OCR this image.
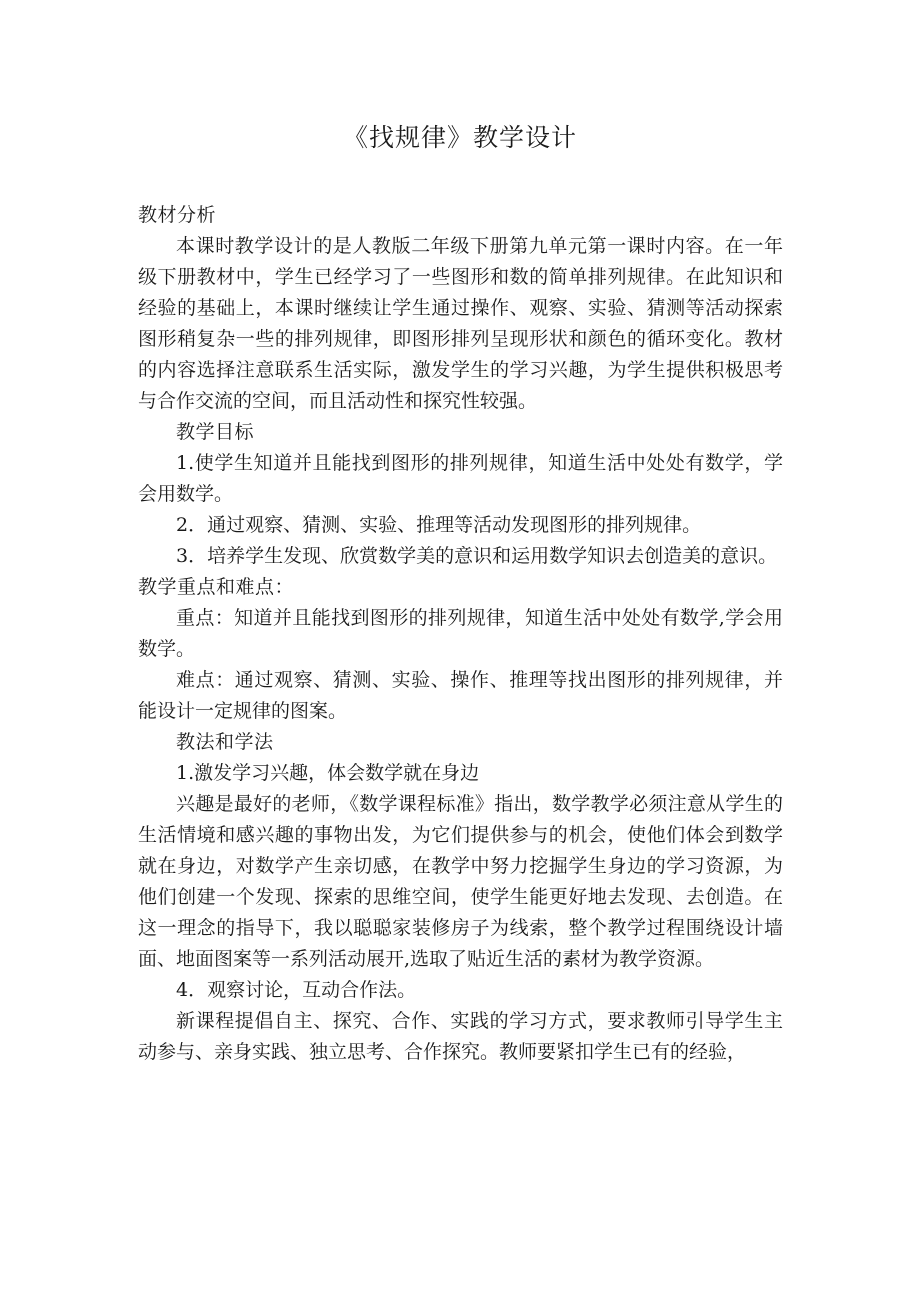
《找规律》教学设计

教材分析

本课时教学设计的是人教版二年级下册第九单元第一课时内容。在一年级下册教材中，学生已经学习了一些图形和数的简单排列规律。在此知识和经验的基础上，本课时继续让学生通过操作、观察、实验、猜测等活动探索图形稍复杂一些的排列规律，即图形排列呈现形状和颜色的循环变化。教材的内容选择注意联系生活实际，激发学生的学习兴趣，为学生提供积极思考与合作交流的空间，而且活动性和探究性较强。

教学目标

1.使学生知道并且能找到图形的排列规律，知道生活中处处有数学，学会用数学。

2．通过观察、猜测、实验、推理等活动发现图形的排列规律。

3．培养学生发现、欣赏数学美的意识和运用数学知识去创造美的意识。

教学重点和难点：

重点：知道并且能找到图形的排列规律，知道生活中处处有数学,学会用数学。

难点：通过观察、猜测、实验、操作、推理等找出图形的排列规律，并能设计一定规律的图案。

教法和学法

1.激发学习兴趣，体会数学就在身边

兴趣是最好的老师，《数学课程标准》指出，数学教学必须注意从学生的生活情境和感兴趣的事物出发，为它们提供参与的机会，使他们体会到数学就在身边，对数学产生亲切感，在教学中努力挖掘学生身边的学习资源，为他们创建一个发现、探索的思维空间，使学生能更好地去发现、去创造。在这一理念的指导下，我以聪聪家装修房子为线索，整个教学过程围绕设计墙面、地面图案等一系列活动展开,选取了贴近生活的素材为教学资源。

4．观察讨论，互动合作法。

新课程提倡自主、探究、合作、实践的学习方式，要求教师引导学生主动参与、亲身实践、独立思考、合作探究。教师要紧扣学生已有的经验，
